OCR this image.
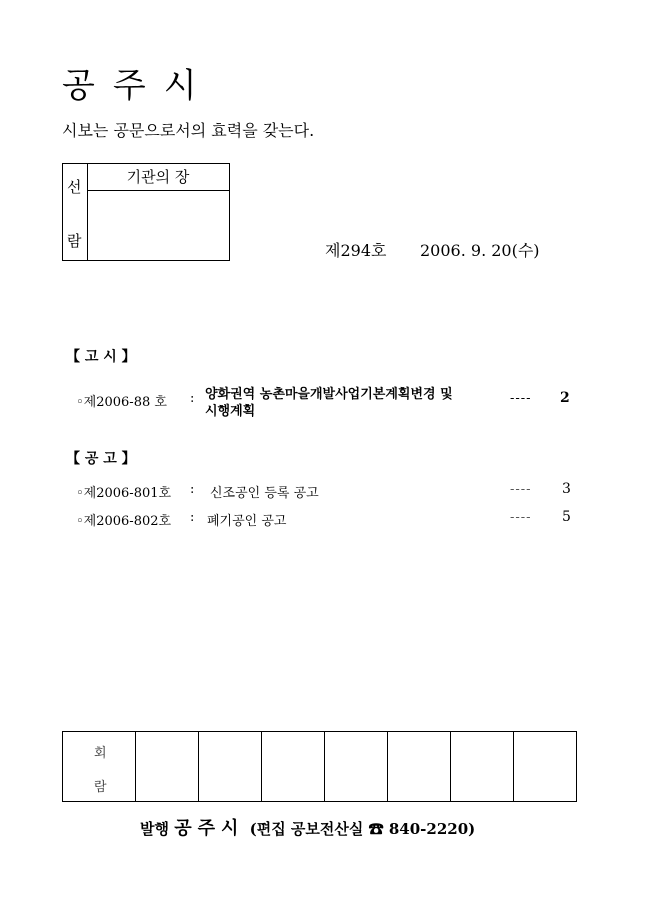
공주시
시보는 공문으로서의 효력을 갖는다.
선
람
기관의 장
제294호 2006. 9. 20(수)
【 고 시 】
◦제2006-88 호 : 양화권역 농촌마을개발사업기본계획변경 및
시행계획
---- 2
【 공 고 】
◦제2006-801호 : 신조공인 등록 공고	---- 3
◦제2006-802호 : 폐기공인 공고	---- 5
회
람
발행 공주시 (편집 공보전산실 ☎ 840-2220)
